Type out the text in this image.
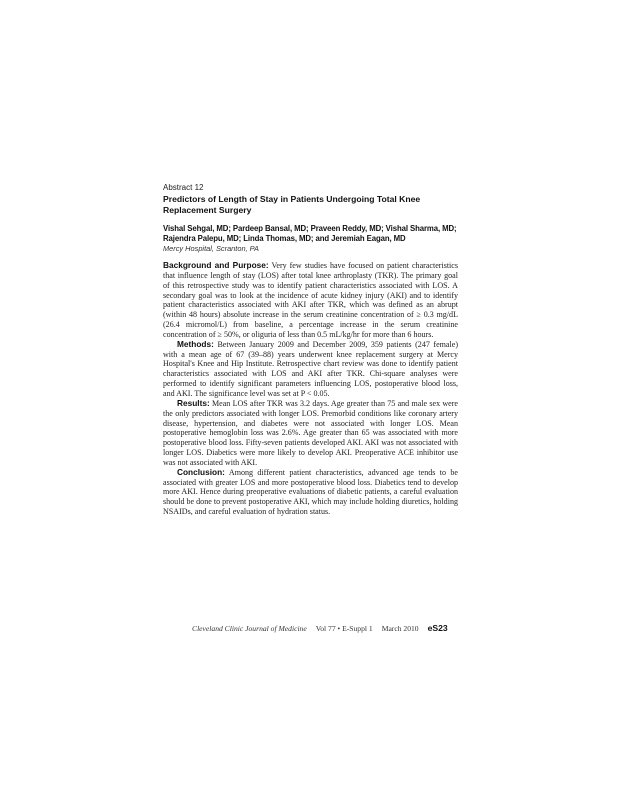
Abstract 12
Predictors of Length of Stay in Patients Undergoing Total Knee Replacement Surgery
Vishal Sehgal, MD; Pardeep Bansal, MD; Praveen Reddy, MD; Vishal Sharma, MD; Rajendra Palepu, MD; Linda Thomas, MD; and Jeremiah Eagan, MD
Mercy Hospital, Scranton, PA

Background and Purpose: Very few studies have focused on patient characteristics that influence length of stay (LOS) after total knee arthroplasty (TKR). The primary goal of this retrospective study was to identify patient characteristics associated with LOS. A secondary goal was to look at the incidence of acute kidney injury (AKI) and to identify patient characteristics associated with AKI after TKR, which was defined as an abrupt (within 48 hours) absolute increase in the serum creatinine concentration of ≥ 0.3 mg/dL (26.4 micromol/L) from baseline, a percentage increase in the serum creatinine concentration of ≥ 50%, or oliguria of less than 0.5 mL/kg/hr for more than 6 hours.

Methods: Between January 2009 and December 2009, 359 patients (247 female) with a mean age of 67 (39–88) years underwent knee replacement surgery at Mercy Hospital's Knee and Hip Institute. Retrospective chart review was done to identify patient characteristics associated with LOS and AKI after TKR. Chi-square analyses were performed to identify significant parameters influencing LOS, postoperative blood loss, and AKI. The significance level was set at P < 0.05.

Results: Mean LOS after TKR was 3.2 days. Age greater than 75 and male sex were the only predictors associated with longer LOS. Premorbid conditions like coronary artery disease, hypertension, and diabetes were not associated with longer LOS. Mean postoperative hemoglobin loss was 2.6%. Age greater than 65 was associated with more postoperative blood loss. Fifty-seven patients developed AKI. AKI was not associated with longer LOS. Diabetics were more likely to develop AKI. Preoperative ACE inhibitor use was not associated with AKI.

Conclusion: Among different patient characteristics, advanced age tends to be associated with greater LOS and more postoperative blood loss. Diabetics tend to develop more AKI. Hence during preoperative evaluations of diabetic patients, a careful evaluation should be done to prevent postoperative AKI, which may include holding diuretics, holding NSAIDs, and careful evaluation of hydration status.

Cleveland Clinic Journal of Medicine Vol 77 • E-Suppl 1 March 2010 eS23
